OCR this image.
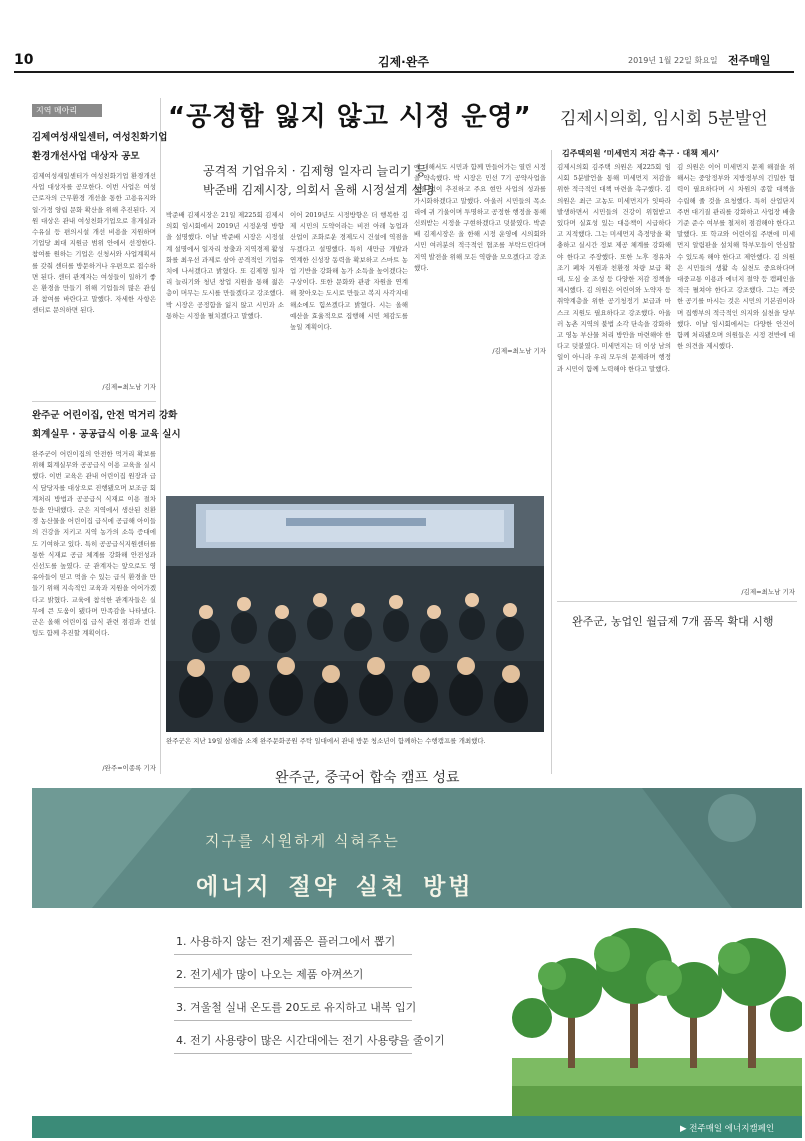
10	김제·완주	2019년 1월 22일 화요일 전주매일
지역 메아리
김제여성새일센터, 여성친화기업
환경개선사업 대상자 공모
김제여성새일센터가 여성친화기업 환경개선사업 대상자를 공모한다. 이번 사업은 여성근로자의 근무환경 개선을 통한 고용유지와 일·가정 양립 문화 확산을 위해 추진된다. 지원 대상은 관내 여성친화기업으로 휴게실과 수유실 등 편의시설 개선 비용을 지원하며 기업당 최대 지원금 범위 안에서 선정한다. 참여를 원하는 기업은 신청서와 사업계획서를 갖춰 센터를 방문하거나 우편으로 접수하면 된다. 센터 관계자는 여성들이 일하기 좋은 환경을 만들기 위해 기업들의 많은 관심과 참여를 바란다고 말했다. 자세한 사항은 센터로 문의하면 된다.
/김제=최노남 기자
완주군 어린이집, 안전 먹거리 강화
회계실무 · 공공급식 이용 교육 실시
완주군이 어린이집의 안전한 먹거리 확보를 위해 회계실무와 공공급식 이용 교육을 실시했다. 이번 교육은 관내 어린이집 원장과 급식 담당자를 대상으로 진행됐으며 보조금 회계처리 방법과 공공급식 식재료 이용 절차 등을 안내했다. 군은 지역에서 생산된 친환경 농산물을 어린이집 급식에 공급해 아이들의 건강을 지키고 지역 농가의 소득 증대에도 기여하고 있다. 특히 공공급식지원센터를 통한 식재료 공급 체계를 강화해 안전성과 신선도를 높였다. 군 관계자는 앞으로도 영유아들이 믿고 먹을 수 있는 급식 환경을 만들기 위해 지속적인 교육과 지원을 이어가겠다고 밝혔다. 교육에 참석한 관계자들은 실무에 큰 도움이 됐다며 만족감을 나타냈다. 군은 올해 어린이집 급식 관련 점검과 컨설팅도 함께 추진할 계획이다.
/완주=이종록 기자
“공정함 잃지 않고 시정 운영”
공격적 기업유치 · 김제형 일자리 늘리기 등
박준배 김제시장, 의회서 올해 시정설계 설명
박준배 김제시장은 21일 제225회 김제시의회 임시회에서 2019년 시정운영 방향을 설명했다. 이날 박준배 시장은 시정설계 설명에서 일자리 창출과 지역경제 활성화를 최우선 과제로 삼아 공격적인 기업유치에 나서겠다고 밝혔다. 또 김제형 일자리 늘리기와 청년 창업 지원을 통해 젊은 층이 머무는 도시를 만들겠다고 강조했다. 박 시장은 공정함을 잃지 않고 시민과 소통하는 시정을 펼치겠다고 말했다.
이어 2019년도 시정방향은 더 행복한 김제 시민의 도약이라는 비전 아래 농업과 산업이 조화로운 경제도시 건설에 역점을 두겠다고 설명했다. 특히 새만금 개발과 연계한 신성장 동력을 확보하고 스마트 농업 기반을 강화해 농가 소득을 높이겠다는 구상이다. 또한 문화와 관광 자원을 연계해 찾아오는 도시로 만들고 복지 사각지대 해소에도 힘쓰겠다고 밝혔다. 시는 올해 예산을 효율적으로 집행해 시민 체감도를 높일 계획이다.
에 대해서도 시민과 함께 만들어가는 열린 시정을 약속했다. 박 시장은 민선 7기 공약사업을 차질 없이 추진하고 주요 현안 사업의 성과를 가시화하겠다고 말했다. 아울러 시민들의 목소리에 귀 기울이며 투명하고 공정한 행정을 통해 신뢰받는 시정을 구현하겠다고 덧붙였다. 박준배 김제시장은 올 한해 시정 운영에 시의회와 시민 여러분의 적극적인 협조를 부탁드린다며 지역 발전을 위해 모든 역량을 모으겠다고 강조했다.
/김제=최노남 기자
김제시의회, 임시회 5분발언
김주택의원 ‘미세먼지 저감 촉구 · 대책 제시’
김제시의회 김주택 의원은 제225회 임시회 5분발언을 통해 미세먼지 저감을 위한 적극적인 대책 마련을 촉구했다. 김 의원은 최근 고농도 미세먼지가 잇따라 발생하면서 시민들의 건강이 위협받고 있다며 실효성 있는 대응책이 시급하다고 지적했다. 그는 미세먼지 측정망을 확충하고 실시간 정보 제공 체계를 강화해야 한다고 주장했다. 또한 노후 경유차 조기 폐차 지원과 친환경 차량 보급 확대, 도심 숲 조성 등 다양한 저감 정책을 제시했다. 김 의원은 어린이와 노약자 등 취약계층을 위한 공기청정기 보급과 마스크 지원도 필요하다고 강조했다. 아울러 농촌 지역의 불법 소각 단속을 강화하고 영농 부산물 처리 방안을 마련해야 한다고 덧붙였다. 미세먼지는 더 이상 남의 일이 아니라 우리 모두의 문제라며 행정과 시민이 함께 노력해야 한다고 말했다.
김 의원은 이어 미세먼지 문제 해결을 위해서는 중앙정부와 지방정부의 긴밀한 협력이 필요하다며 시 차원의 종합 대책을 수립해 줄 것을 요청했다. 특히 산업단지 주변 대기질 관리를 강화하고 사업장 배출 기준 준수 여부를 철저히 점검해야 한다고 말했다. 또 학교와 어린이집 주변에 미세먼지 알림판을 설치해 학부모들이 안심할 수 있도록 해야 한다고 제안했다. 김 의원은 시민들의 생활 속 실천도 중요하다며 대중교통 이용과 에너지 절약 등 캠페인을 적극 펼쳐야 한다고 강조했다. 그는 깨끗한 공기를 마시는 것은 시민의 기본권이라며 집행부의 적극적인 의지와 실천을 당부했다. 이날 임시회에서는 다양한 안건이 함께 처리됐으며 의원들은 시정 전반에 대한 의견을 제시했다.
/김제=최노남 기자
완주군은 지난 19일 삼례읍 소재 완주문화공원 주탁 일대에서 관내 방문 청소년이 함께하는 수행캠프를 개최했다.
완주군, 중국어 합숙 캠프 성료
완주군, 농업인 월급제 7개 품목 확대 시행
지구를 시원하게 식혀주는
에너지 절약 실천 방법
1. 사용하지 않는 전기제품은 플러그에서 뽑기
2. 전기세가 많이 나오는 제품 아껴쓰기
3. 겨울철 실내 온도를 20도로 유지하고 내복 입기
4. 전기 사용량이 많은 시간대에는 전기 사용량을 줄이기
▶ 전주매일 에너지캠페인
